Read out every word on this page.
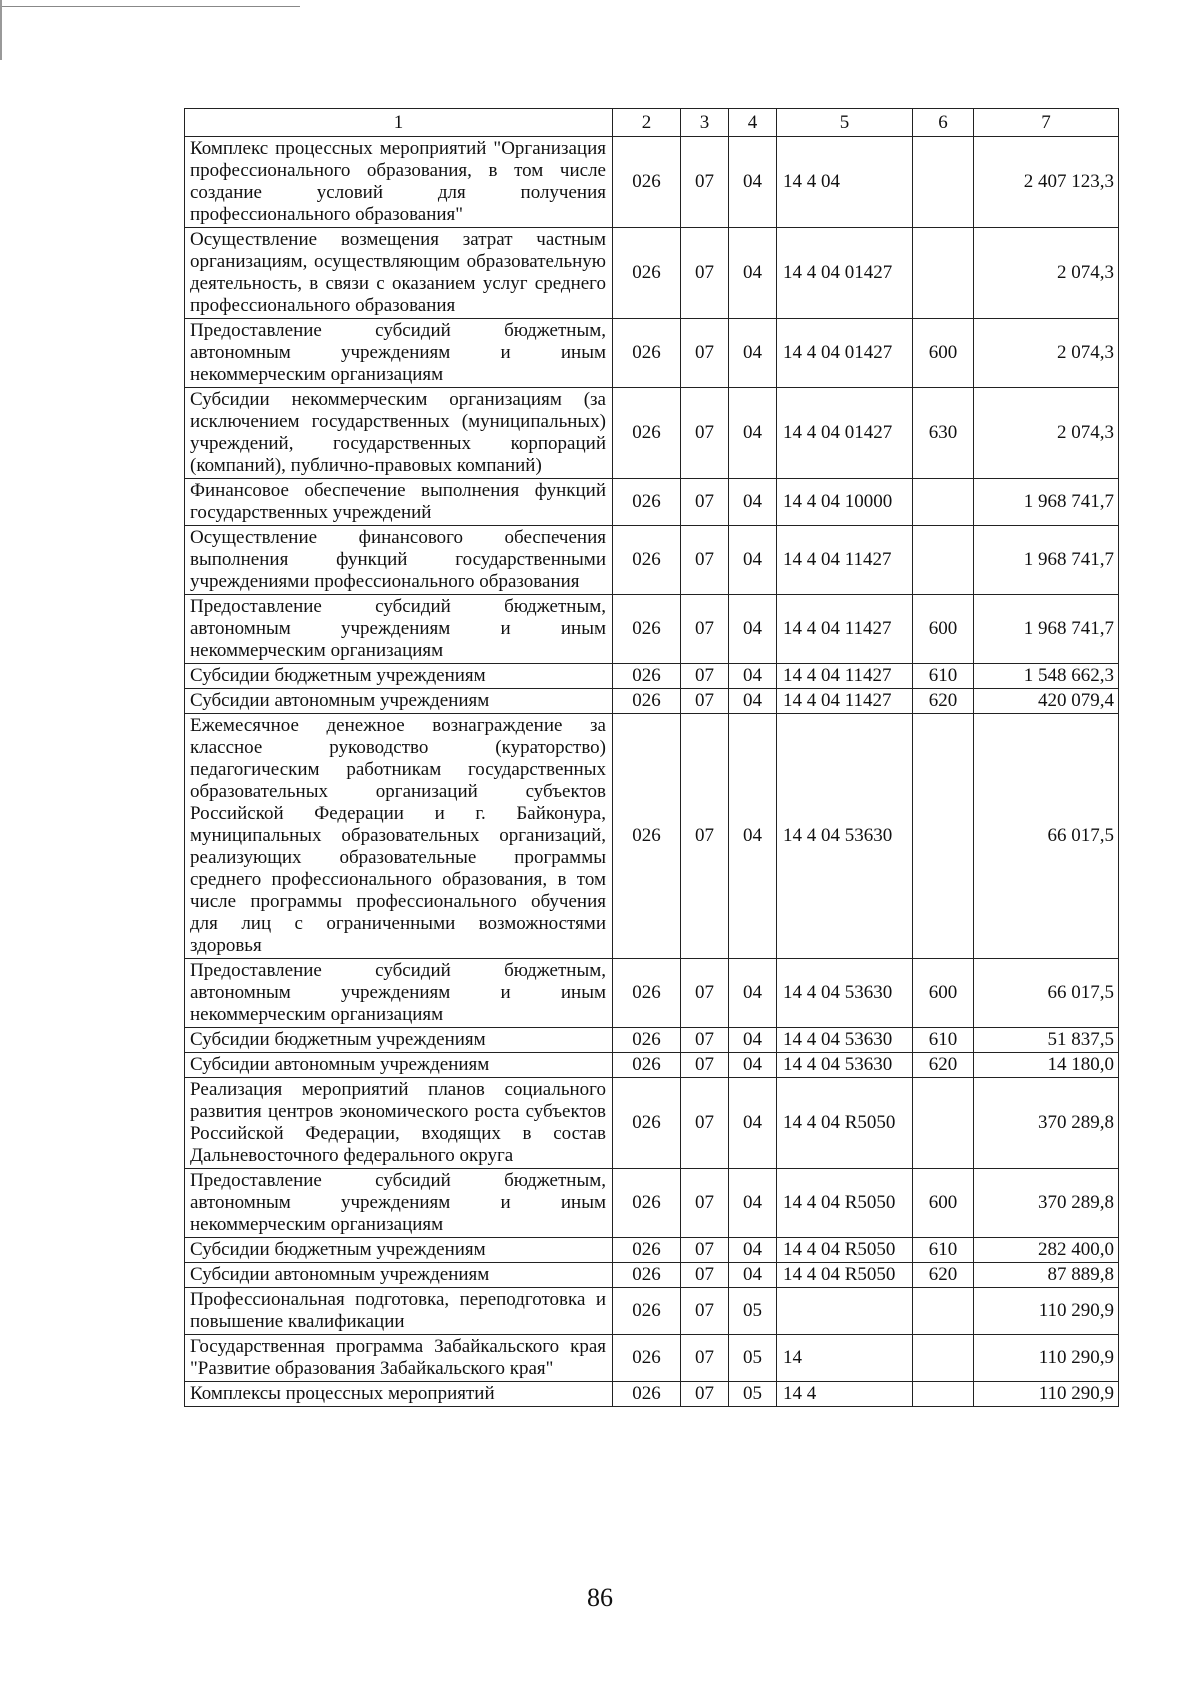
1	2	3	4	5	6	7
Комплекс процессных мероприятий "Организация профессионального образования, в том числе создание условий для получения профессионального образования"	026	07	04	14 4 04		2 407 123,3
Осуществление возмещения затрат частным организациям, осуществляющим образовательную деятельность, в связи с оказанием услуг среднего профессионального образования	026	07	04	14 4 04 01427		2 074,3
Предоставление субсидий бюджетным, автономным учреждениям и иным некоммерческим организациям	026	07	04	14 4 04 01427	600	2 074,3
Субсидии некоммерческим организациям (за исключением государственных (муниципальных) учреждений, государственных корпораций (компаний), публично-правовых компаний)	026	07	04	14 4 04 01427	630	2 074,3
Финансовое обеспечение выполнения функций государственных учреждений	026	07	04	14 4 04 10000		1 968 741,7
Осуществление финансового обеспечения выполнения функций государственными учреждениями профессионального образования	026	07	04	14 4 04 11427		1 968 741,7
Предоставление субсидий бюджетным, автономным учреждениям и иным некоммерческим организациям	026	07	04	14 4 04 11427	600	1 968 741,7
Субсидии бюджетным учреждениям	026	07	04	14 4 04 11427	610	1 548 662,3
Субсидии автономным учреждениям	026	07	04	14 4 04 11427	620	420 079,4
Ежемесячное денежное вознаграждение за классное руководство (кураторство) педагогическим работникам государственных образовательных организаций субъектов Российской Федерации и г. Байконура, муниципальных образовательных организаций, реализующих образовательные программы среднего профессионального образования, в том числе программы профессионального обучения для лиц с ограниченными возможностями здоровья	026	07	04	14 4 04 53630		66 017,5
Предоставление субсидий бюджетным, автономным учреждениям и иным некоммерческим организациям	026	07	04	14 4 04 53630	600	66 017,5
Субсидии бюджетным учреждениям	026	07	04	14 4 04 53630	610	51 837,5
Субсидии автономным учреждениям	026	07	04	14 4 04 53630	620	14 180,0
Реализация мероприятий планов социального развития центров экономического роста субъектов Российской Федерации, входящих в состав Дальневосточного федерального округа	026	07	04	14 4 04 R5050		370 289,8
Предоставление субсидий бюджетным, автономным учреждениям и иным некоммерческим организациям	026	07	04	14 4 04 R5050	600	370 289,8
Субсидии бюджетным учреждениям	026	07	04	14 4 04 R5050	610	282 400,0
Субсидии автономным учреждениям	026	07	04	14 4 04 R5050	620	87 889,8
Профессиональная подготовка, переподготовка и повышение квалификации	026	07	05			110 290,9
Государственная программа Забайкальского края "Развитие образования Забайкальского края"	026	07	05	14		110 290,9
Комплексы процессных мероприятий	026	07	05	14 4		110 290,9
86
